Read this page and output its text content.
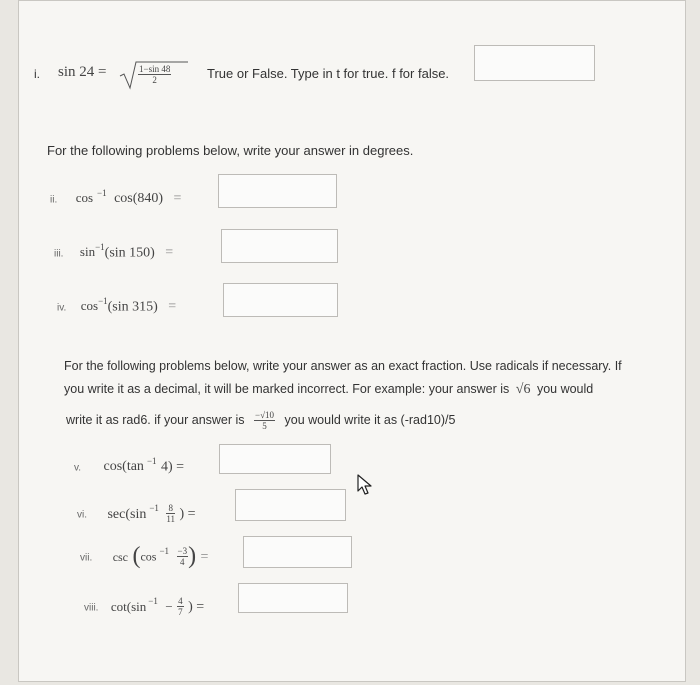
i. sin 24 =	$\frac{1-\sin 48}{2}$	True or False. Type in t for true. f for false.
For the following problems below, write your answer in degrees.
ii. cos $^{-1}$ cos(840) =
iii. $\sin^{-1}(\sin$ 150) =
iv. $\cos^{-1}(\sin$ 315) =
For the following problems below, write your answer as an exact fraction. Use radicals if necessary. If
you write it as a decimal, it will be marked incorrect. For example: your answer is √6 you would
write it as rad6. if your answer is $\frac{-√10}{5}$ you would write it as (-rad10)/5
v. cos(tan $^{-1}$ 4) =
vi. sec(sin $^{-1} \frac{8}{11}$ ) =
vii. csc (cos $^{-1} \frac{-3}{4}$ ) =
viii. cot(sin $^{-1} - \frac{4}{7}$ ) =
